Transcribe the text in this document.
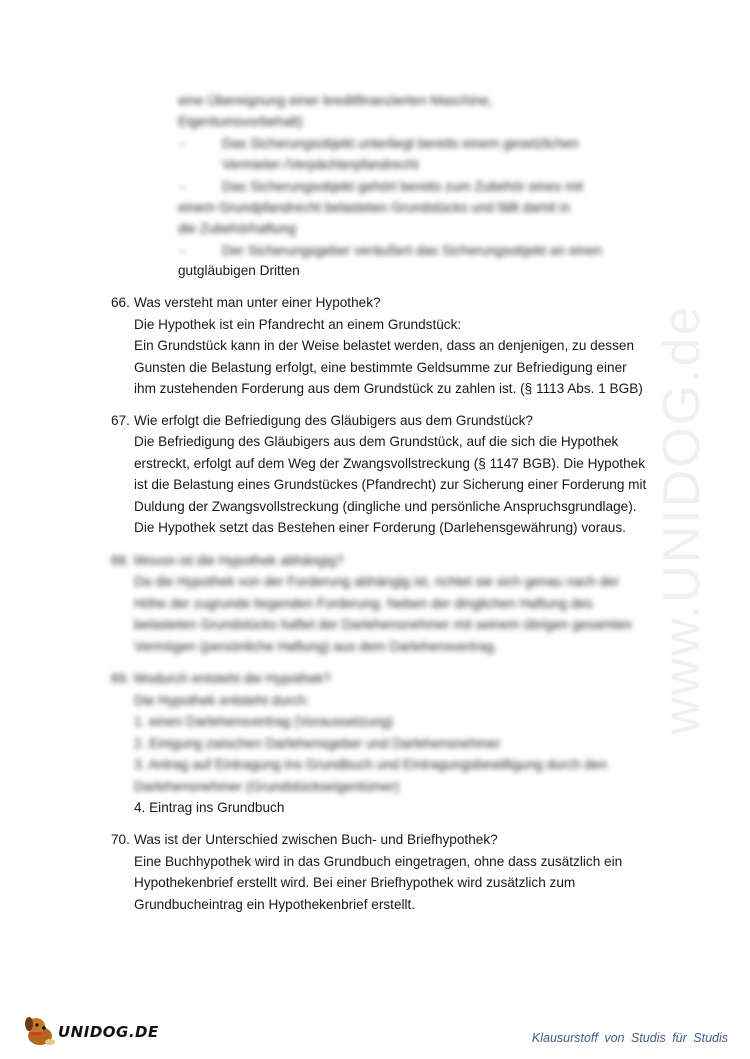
www.UNIDOG.de
eine Übereignung einer kreditfinanzierten Maschine,
Eigentumsvorbehalt)
-	Das Sicherungsobjekt unterliegt bereits einem gesetzlichen
Vermieter-/Verpächterpfandrecht
-	Das Sicherungsobjekt gehört bereits zum Zubehör eines mit
einem Grundpfandrecht belasteten Grundstücks und fällt damit in
die Zubehörhaftung
-	Der Sicherungsgeber veräußert das Sicherungsobjekt an einen
gutgläubigen Dritten
66. Was versteht man unter einer Hypothek?
Die Hypothek ist ein Pfandrecht an einem Grundstück:
Ein Grundstück kann in der Weise belastet werden, dass an denjenigen, zu dessen
Gunsten die Belastung erfolgt, eine bestimmte Geldsumme zur Befriedigung einer
ihm zustehenden Forderung aus dem Grundstück zu zahlen ist. (§ 1113 Abs. 1 BGB)
67. Wie erfolgt die Befriedigung des Gläubigers aus dem Grundstück?
Die Befriedigung des Gläubigers aus dem Grundstück, auf die sich die Hypothek
erstreckt, erfolgt auf dem Weg der Zwangsvollstreckung (§ 1147 BGB). Die Hypothek
ist die Belastung eines Grundstückes (Pfandrecht) zur Sicherung einer Forderung mit
Duldung der Zwangsvollstreckung (dingliche und persönliche Anspruchsgrundlage).
Die Hypothek setzt das Bestehen einer Forderung (Darlehensgewährung) voraus.
68. Wovon ist die Hypothek abhängig?
Da die Hypothek von der Forderung abhängig ist, richtet sie sich genau nach der
Höhe der zugrunde liegenden Forderung. Neben der dinglichen Haftung des
belasteten Grundstücks haftet der Darlehensnehmer mit seinem übrigen gesamten
Vermögen (persönliche Haftung) aus dem Darlehensvertrag.
69. Wodurch entsteht die Hypothek?
Die Hypothek entsteht durch:
1. einen Darlehensvertrag (Voraussetzung)
2. Einigung zwischen Darlehensgeber und Darlehensnehmer
3. Antrag auf Eintragung ins Grundbuch und Eintragungsbewilligung durch den
Darlehensnehmer (Grundstückseigentümer)
4. Eintrag ins Grundbuch
70. Was ist der Unterschied zwischen Buch- und Briefhypothek?
Eine Buchhypothek wird in das Grundbuch eingetragen, ohne dass zusätzlich ein
Hypothekenbrief erstellt wird. Bei einer Briefhypothek wird zusätzlich zum
Grundbucheintrag ein Hypothekenbrief erstellt.
UNIDOG.DE	Klausurstoff von Studis für Studis
